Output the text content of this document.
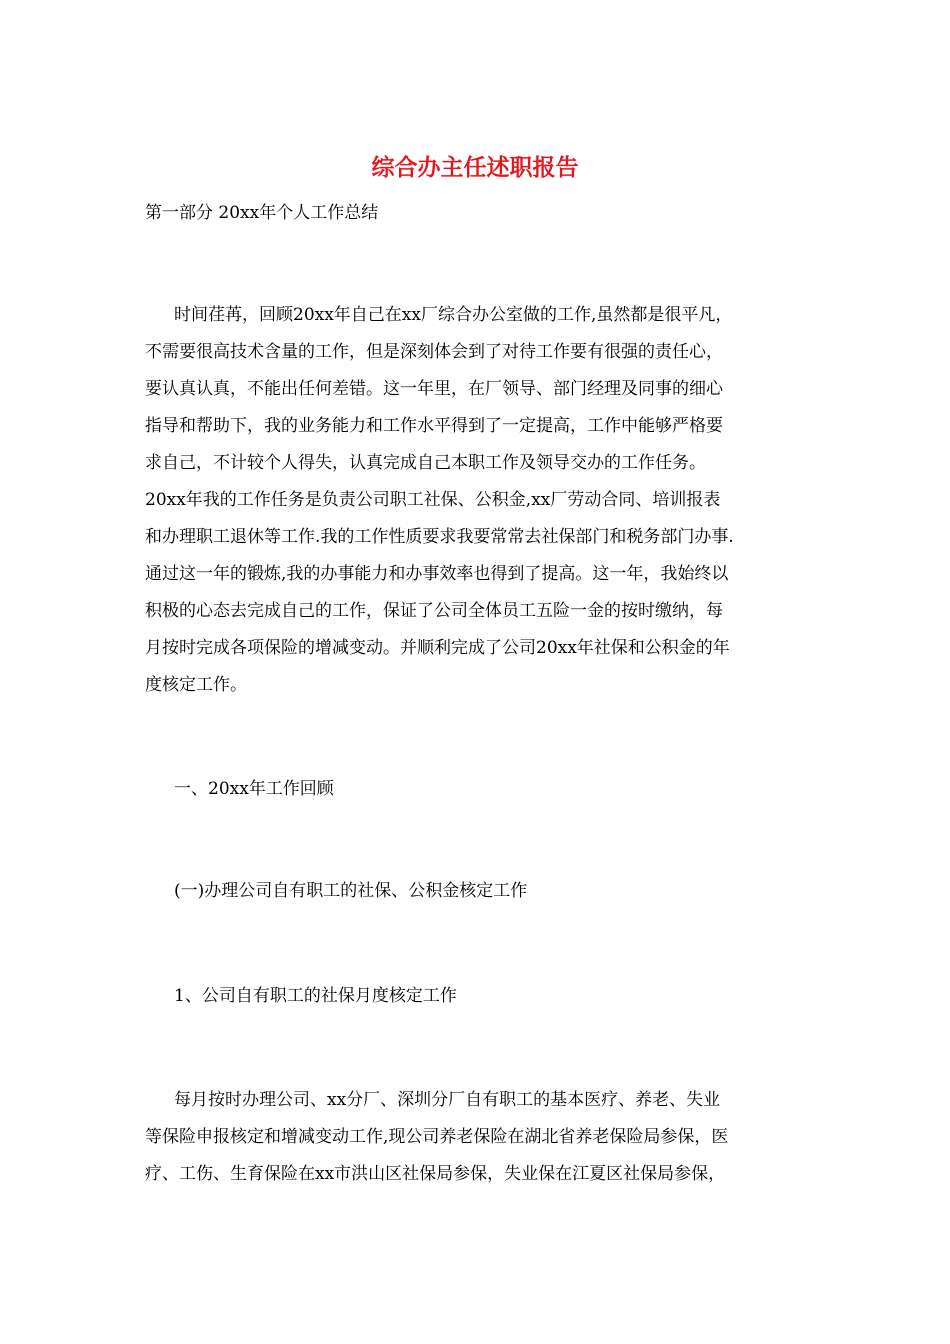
综合办主任述职报告
第一部分 20xx年个人工作总结
时间荏苒，回顾20xx年自己在xx厂综合办公室做的工作,虽然都是很平凡，
不需要很高技术含量的工作，但是深刻体会到了对待工作要有很强的责任心，
要认真认真，不能出任何差错。这一年里，在厂领导、部门经理及同事的细心
指导和帮助下，我的业务能力和工作水平得到了一定提高，工作中能够严格要
求自己，不计较个人得失，认真完成自己本职工作及领导交办的工作任务。
20xx年我的工作任务是负责公司职工社保、公积金,xx厂劳动合同、培训报表
和办理职工退休等工作.我的工作性质要求我要常常去社保部门和税务部门办事.
通过这一年的锻炼,我的办事能力和办事效率也得到了提高。这一年，我始终以
积极的心态去完成自己的工作，保证了公司全体员工五险一金的按时缴纳，每
月按时完成各项保险的增减变动。并顺利完成了公司20xx年社保和公积金的年
度核定工作。
一、20xx年工作回顾
(一)办理公司自有职工的社保、公积金核定工作
1、公司自有职工的社保月度核定工作
每月按时办理公司、xx分厂、深圳分厂自有职工的基本医疗、养老、失业
等保险申报核定和增减变动工作,现公司养老保险在湖北省养老保险局参保，医
疗、工伤、生育保险在xx市洪山区社保局参保，失业保在江夏区社保局参保，
